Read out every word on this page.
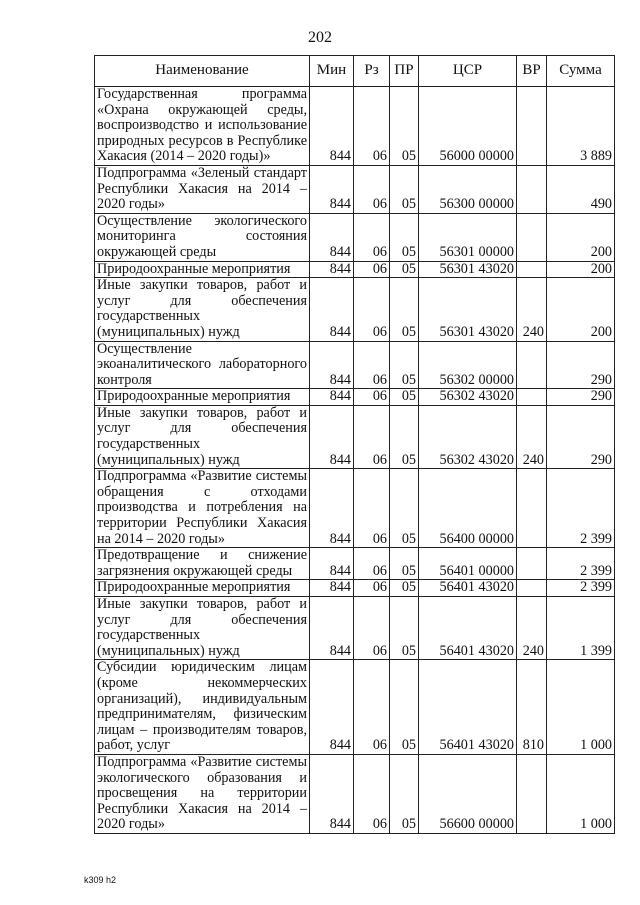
202
Наименование	Мин	Рз	ПР	ЦСР	ВР	Сумма
Государственная программа «Охрана окружающей среды, воспроизводство и использование природных ресурсов в Республике Хакасия (2014 – 2020 годы)»	844	06	05	56000 00000		3 889
Подпрограмма «Зеленый стандарт Республики Хакасия на 2014 – 2020 годы»	844	06	05	56300 00000		490
Осуществление экологического мониторинга состояния окружающей среды	844	06	05	56301 00000		200
Природоохранные мероприятия	844	06	05	56301 43020		200
Иные закупки товаров, работ и услуг для обеспечения государственных (муниципальных) нужд	844	06	05	56301 43020	240	200
Осуществление экоаналитического лабораторного контроля	844	06	05	56302 00000		290
Природоохранные мероприятия	844	06	05	56302 43020		290
Иные закупки товаров, работ и услуг для обеспечения государственных (муниципальных) нужд	844	06	05	56302 43020	240	290
Подпрограмма «Развитие системы обращения с отходами производства и потребления на территории Республики Хакасия на 2014 – 2020 годы»	844	06	05	56400 00000		2 399
Предотвращение и снижение загрязнения окружающей среды	844	06	05	56401 00000		2 399
Природоохранные мероприятия	844	06	05	56401 43020		2 399
Иные закупки товаров, работ и услуг для обеспечения государственных (муниципальных) нужд	844	06	05	56401 43020	240	1 399
Субсидии юридическим лицам (кроме некоммерческих организаций), индивидуальным предпринимателям, физическим лицам – производителям товаров, работ, услуг	844	06	05	56401 43020	810	1 000
Подпрограмма «Развитие системы экологического образования и просвещения на территории Республики Хакасия на 2014 – 2020 годы»	844	06	05	56600 00000		1 000
k309 h2
